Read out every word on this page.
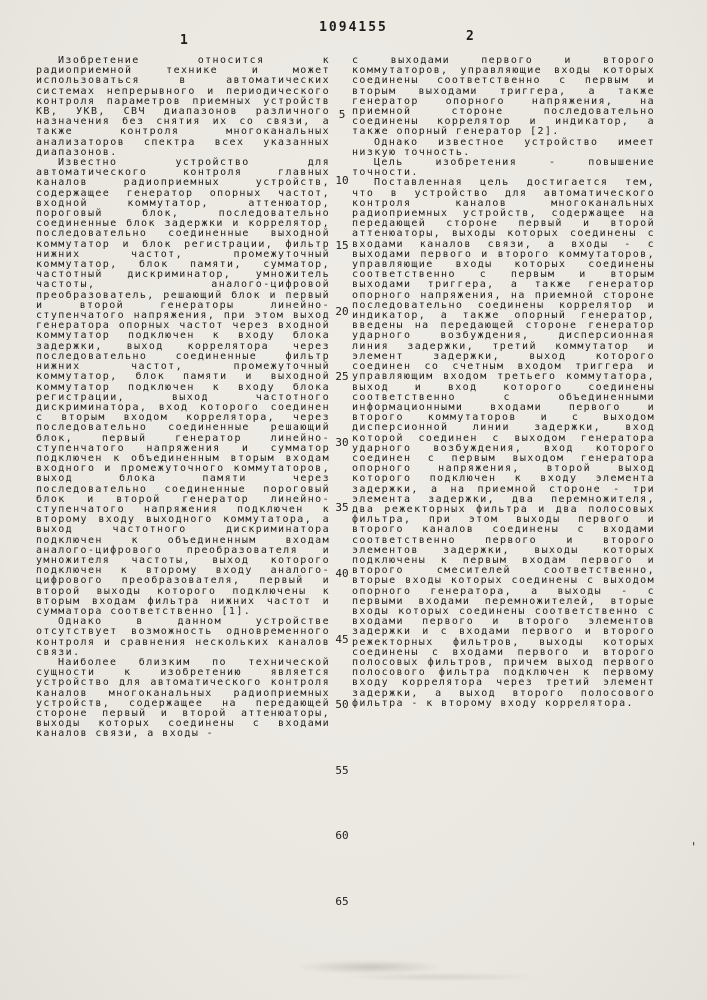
1094155
1	2

Изобретение относится к радиоприемной технике и может использоваться в автоматических системах непрерывного и периодического контроля параметров приемных устройств КВ, УКВ, СВЧ диапазонов различного назначения без снятия их со связи, а также контроля многоканальных анализаторов спектра всех указанных диапазонов.

Известно устройство для автоматического контроля главных каналов радиоприемных устройств, содержащее генератор опорных частот, входной коммутатор, аттенюатор, пороговый блок, последовательно соединенные блок задержки и коррелятор, последовательно соединенные выходной коммутатор и блок регистрации, фильтр нижних частот, промежуточный коммутатор, блок памяти, сумматор, частотный дискриминатор, умножитель частоты, аналого-цифровой преобразователь, решающий блок и первый и второй генераторы линейно-ступенчатого напряжения, при этом выход генератора опорных частот через входной коммутатор подключен к входу блока задержки, выход коррелятора через последовательно соединенные фильтр нижних частот, промежуточный коммутатор, блок памяти и выходной коммутатор подключен к входу блока регистрации, выход частотного дискриминатора, вход которого соединен с вторым входом коррелятора, через последовательно соединенные решающий блок, первый генератор линейно-ступенчатого напряжения и сумматор подключен к объединенным вторым входам входного и промежуточного коммутаторов, выход блока памяти через последовательно соединенные пороговый блок и второй генератор линейно-ступенчатого напряжения подключен к второму входу выходного коммутатора, а выход частотного дискриминатора подключен к объединенным входам аналого-цифрового преобразователя и умножителя частоты, выход которого подключен к второму входу аналого-цифрового преобразователя, первый и второй выходы которого подключены к вторым входам фильтра нижних частот и сумматора соответственно [1].

Однако в данном устройстве отсутствует возможность одновременного контроля и сравнения нескольких каналов связи.

Наиболее близким по технической сущности к изобретению является устройство для автоматического контроля каналов многоканальных радиоприемных устройств, содержащее на передающей стороне первый и второй аттенюаторы, выходы которых соединены с входами каналов связи, а входы -

с выходами первого и второго коммутаторов, управляющие входы которых соединены соответственно с первым и вторым выходами триггера, а также генератор опорного напряжения, на приемной стороне последовательно соединены коррелятор и индикатор, а также опорный генератор [2].

Однако известное устройство имеет низкую точность.

Цель изобретения - повышение точности.

Поставленная цель достигается тем, что в устройство для автоматического контроля каналов многоканальных радиоприемных устройств, содержащее на передающей стороне первый и второй аттенюаторы, выходы которых соединены с входами каналов связи, а входы - с выходами первого и второго коммутаторов, управляющие входы которых соединены соответственно с первым и вторым выходами триггера, а также генератор опорного напряжения, на приемной стороне последовательно соединены коррелятор и индикатор, а также опорный генератор, введены на передающей стороне генератор ударного возбуждения, дисперсионная линия задержки, третий коммутатор и элемент задержки, выход которого соединен со счетным входом триггера и управляющим входом третьего коммутатора, выход и вход которого соединены соответственно с объединенными информационными входами первого и второго коммутаторов и с выходом дисперсионной линии задержки, вход которой соединен с выходом генератора ударного возбуждения, вход которого соединен с первым выходом генератора опорного напряжения, второй выход которого подключен к входу элемента задержки, а на приемной стороне - три элемента задержки, два перемножителя, два режекторных фильтра и два полосовых фильтра, при этом выходы первого и второго каналов соединены с входами соответственно первого и второго элементов задержки, выходы которых подключены к первым входам первого и второго смесителей соответственно, вторые входы которых соединены с выходом опорного генератора, а выходы - с первыми входами перемножителей, вторые входы которых соединены соответственно с входами первого и второго элементов задержки и с входами первого и второго режекторных фильтров, выходы которых соединены с входами первого и второго полосовых фильтров, причем выход первого полосового фильтра подключен к первому входу коррелятора через третий элемент задержки, а выход второго полосового фильтра - к второму входу коррелятора.

5
10
15
20
25
30
35
40
45
50
55
60
65
'
